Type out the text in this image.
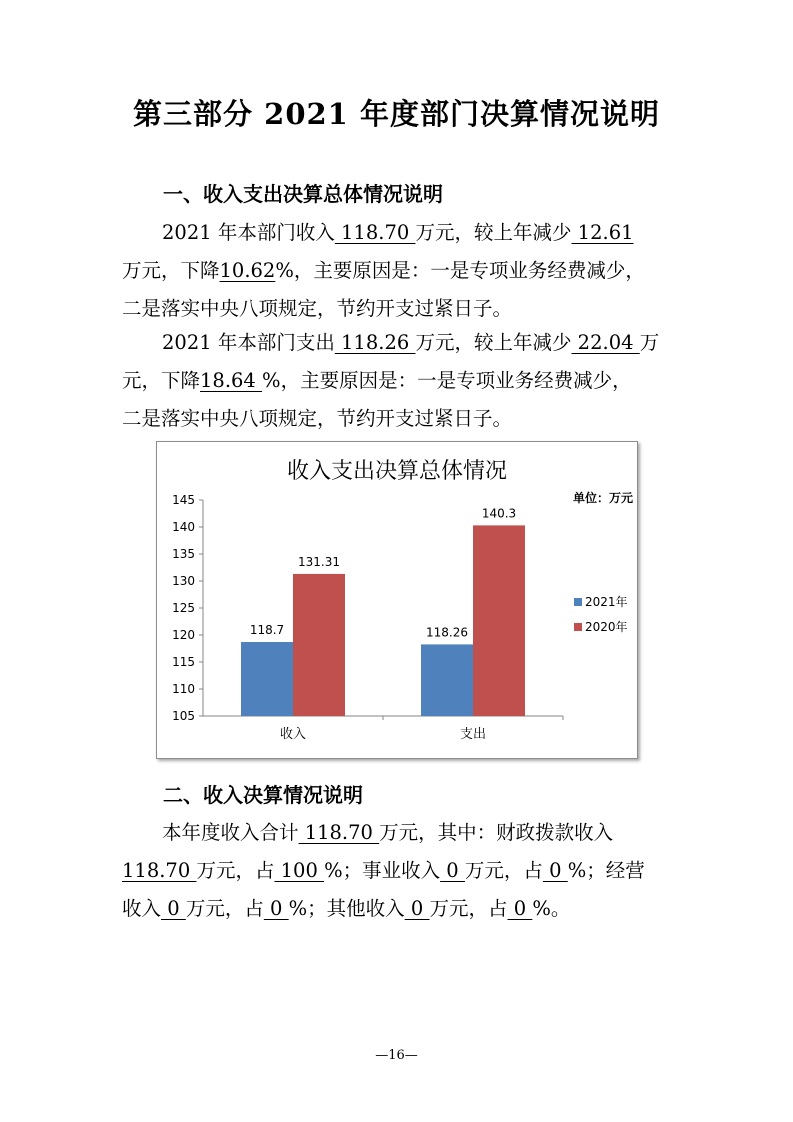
第三部分 2021 年度部门决算情况说明
一、收入支出决算总体情况说明
2021 年本部门收入 118.70 万元，较上年减少 12.61
万元，下降10.62%，主要原因是：一是专项业务经费减少，
二是落实中央八项规定，节约开支过紧日子。
2021 年本部门支出 118.26 万元，较上年减少 22.04 万
元，下降18.64 %，主要原因是：一是专项业务经费减少，
二是落实中央八项规定，节约开支过紧日子。
收入支出决算总体情况
单位：万元
105
110
115
120
125
130
135
140
145
收入
118.7
131.31
支出
118.26
140.3
2021年
2020年
二、收入决算情况说明
本年度收入合计 118.70 万元，其中：财政拨款收入
118.70 万元，占 100 %；事业收入 0 万元，占 0 %；经营
收入 0 万元，占 0 %；其他收入 0 万元，占 0 %。
—16—
